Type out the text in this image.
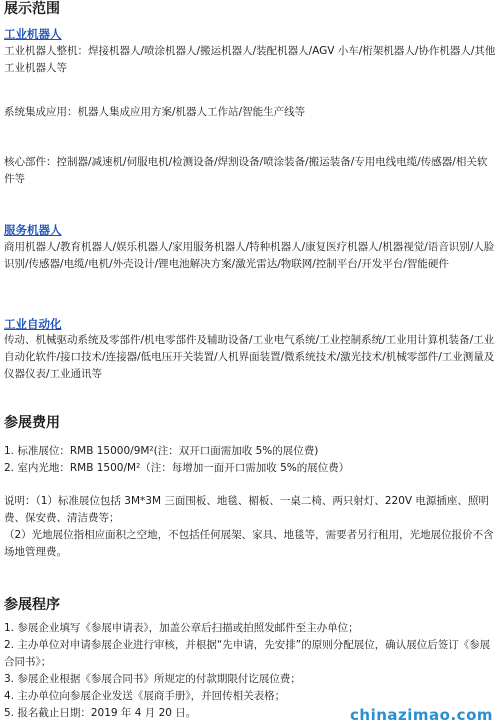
展示范围
工业机器人
工业机器人整机：焊接机器人/喷涂机器人/搬运机器人/装配机器人/AGV 小车/桁架机器人/协作机器人/其他工业机器人等
系统集成应用：机器人集成应用方案/机器人工作站/智能生产线等
核心部件：控制器/减速机/伺服电机/检测设备/焊割设备/喷涂装备/搬运装备/专用电线电缆/传感器/相关软件等
服务机器人
商用机器人/教育机器人/娱乐机器人/家用服务机器人/特种机器人/康复医疗机器人/机器视觉/语音识别/人脸识别/传感器/电缆/电机/外壳设计/锂电池解决方案/激光雷达/物联网/控制平台/开发平台/智能硬件
工业自动化
传动、机械驱动系统及零部件/机电零部件及辅助设备/工业电气系统/工业控制系统/工业用计算机装备/工业自动化软件/接口技术/连接器/低电压开关装置/人机界面装置/微系统技术/激光技术/机械零部件/工业测量及仪器仪表/工业通讯等
参展费用
1. 标准展位：RMB 15000/9M²(注：双开口面需加收 5%的展位费)
2. 室内光地：RMB 1500/M²（注：每增加一面开口需加收 5%的展位费）
说明：（1）标准展位包括 3M*3M 三面围板、地毯、楣板、一桌二椅、两只射灯、220V 电源插座、照明费、保安费、清洁费等；
（2）光地展位指相应面积之空地，不包括任何展架、家具、地毯等，需要者另行租用，光地展位报价不含场地管理费。
参展程序
1. 参展企业填写《参展申请表》，加盖公章后扫描或拍照发邮件至主办单位；
2. 主办单位对申请参展企业进行审核，并根据“先申请，先安排”的原则分配展位，确认展位后签订《参展合同书》；
3. 参展企业根据《参展合同书》所规定的付款期限付讫展位费；
4. 主办单位向参展企业发送《展商手册》，并回传相关表格；
5. 报名截止日期：2019 年 4 月 20 日。	chinazimao.com
